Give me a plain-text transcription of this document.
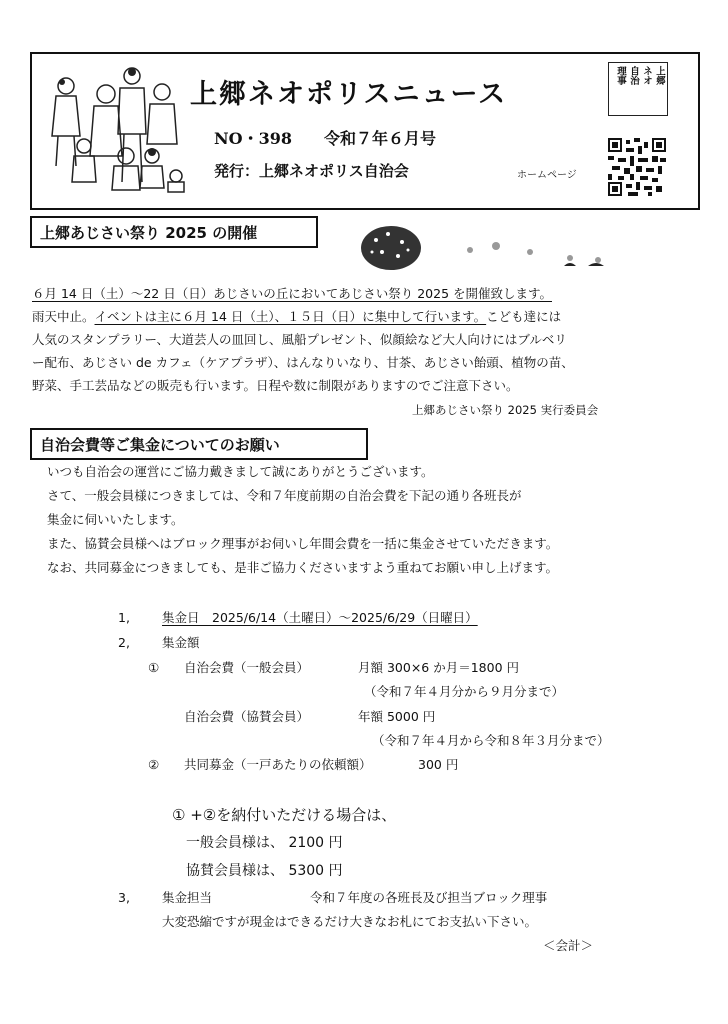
上郷ネオポリスニュース
NO・398　　 令和７年６月号
発行：上郷ネオポリス自治会	ホームページ
上郷
ネオ
自治
理事
上郷あじさい祭り 2025 の開催
６月 14 日（土）～22 日（日）あじさいの丘においてあじさい祭り 2025 を開催致します。
雨天中止。イベントは主に６月 14 日（土）、１５日（日）に集中して行います。こども達には
人気のスタンプラリー、大道芸人の皿回し、風船プレゼント、似顔絵など大人向けにはブルベリ
ー配布、あじさい de カフェ（ケアプラザ）、はんなりいなり、甘茶、あじさい飴頭、植物の苗、
野菜、手工芸品などの販売も行います。日程や数に制限がありますのでご注意下さい。
上郷あじさい祭り 2025 実行委員会
自治会費等ご集金についてのお願い
いつも自治会の運営にご協力戴きまして誠にありがとうございます。
さて、一般会員様につきましては、令和７年度前期の自治会費を下記の通り各班長が
集金に伺いいたします。
また、協賛会員様へはブロック理事がお伺いし年間会費を一括に集金させていただきます。
なお、共同募金につきましても、是非ご協力くださいますよう重ねてお願い申し上げます。
1,	集金日　2025/6/14（土曜日）～2025/6/29（日曜日）
2,	集金額
① 自治会費（一般会員）	月額 300×6 か月＝1800 円
（令和７年４月分から９月分まで）
自治会費（協賛会員）	年額 5000 円
（令和７年４月から令和８年３月分まで）
② 共同募金（一戸あたりの依頼額）	300 円
① +②を納付いただける場合は、
一般会員様は、 2100 円
協賛会員様は、 5300 円
3,	集金担当	令和７年度の各班長及び担当ブロック理事
大変恐縮ですが現金はできるだけ大きなお札にてお支払い下さい。
＜会計＞
